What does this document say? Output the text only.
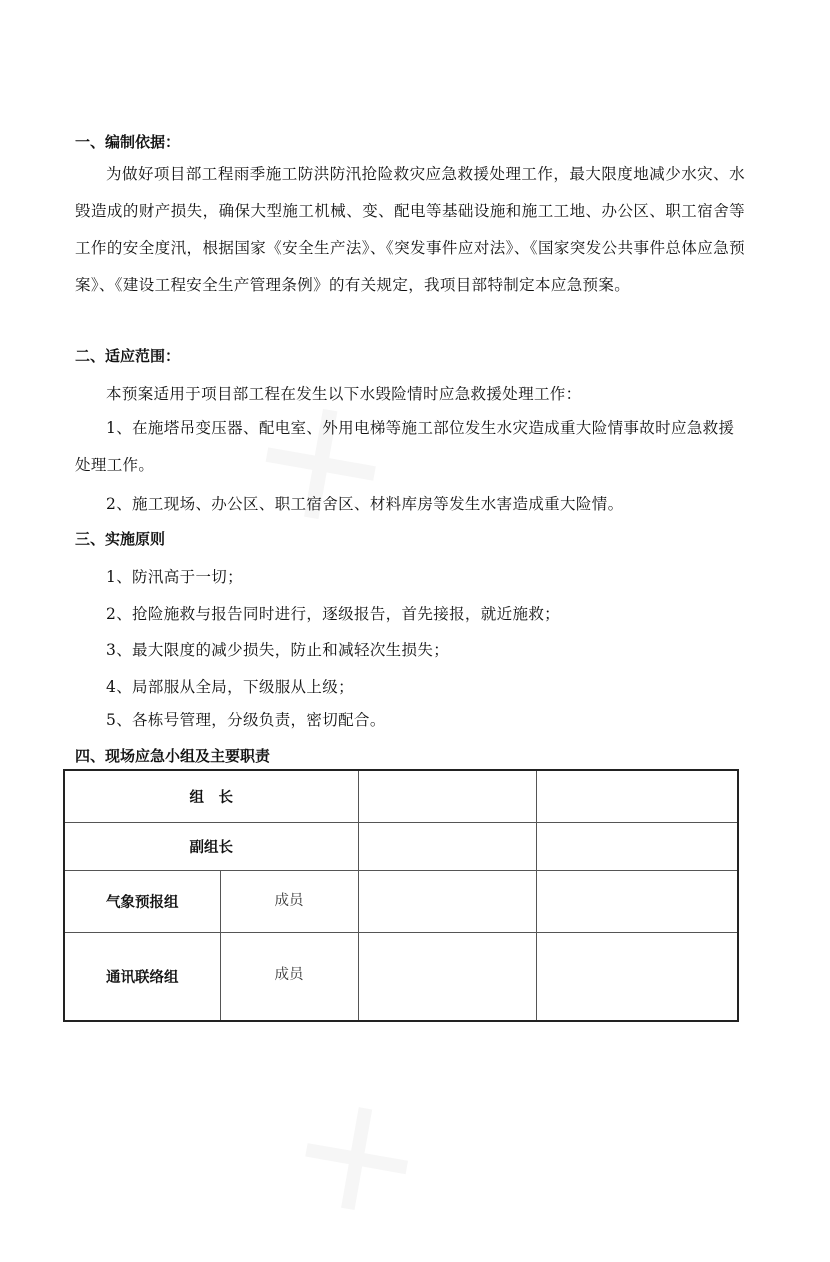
一、编制依据：
为做好项目部工程雨季施工防洪防汛抢险救灾应急救援处理工作，最大限度地减少水灾、水毁造成的财产损失，确保大型施工机械、变、配电等基础设施和施工工地、办公区、职工宿舍等工作的安全度汛，根据国家《安全生产法》、《突发事件应对法》、《国家突发公共事件总体应急预案》、《建设工程安全生产管理条例》的有关规定，我项目部特制定本应急预案。
二、适应范围：
本预案适用于项目部工程在发生以下水毁险情时应急救援处理工作：
1、在施塔吊变压器、配电室、外用电梯等施工部位发生水灾造成重大险情事故时应急救援处理工作。
2、施工现场、办公区、职工宿舍区、材料库房等发生水害造成重大险情。
三、实施原则
1、防汛高于一切；
2、抢险施救与报告同时进行，逐级报告，首先接报，就近施救；
3、最大限度的减少损失，防止和减轻次生损失；
4、局部服从全局，下级服从上级；
5、各栋号管理，分级负责，密切配合。
四、现场应急小组及主要职责
组　长			
副组长			
气象预报组	成员		
通讯联络组	成员		
